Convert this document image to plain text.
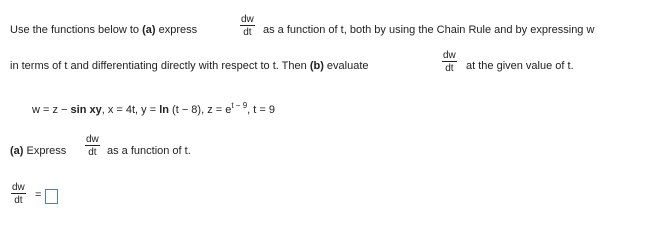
Use the functions below to (a) express
dw
dt as a function of t, both by using the Chain Rule and by expressing w
in terms of t and differentiating directly with respect to t. Then (b) evaluate
dw
dt at the given value of t.
w = z − sin xy, x = 4t, y = ln (t − 8), $z = e^{t - 9}$, t = 9
(a) Express
dw
dt as a function of t.
dw
dt =
